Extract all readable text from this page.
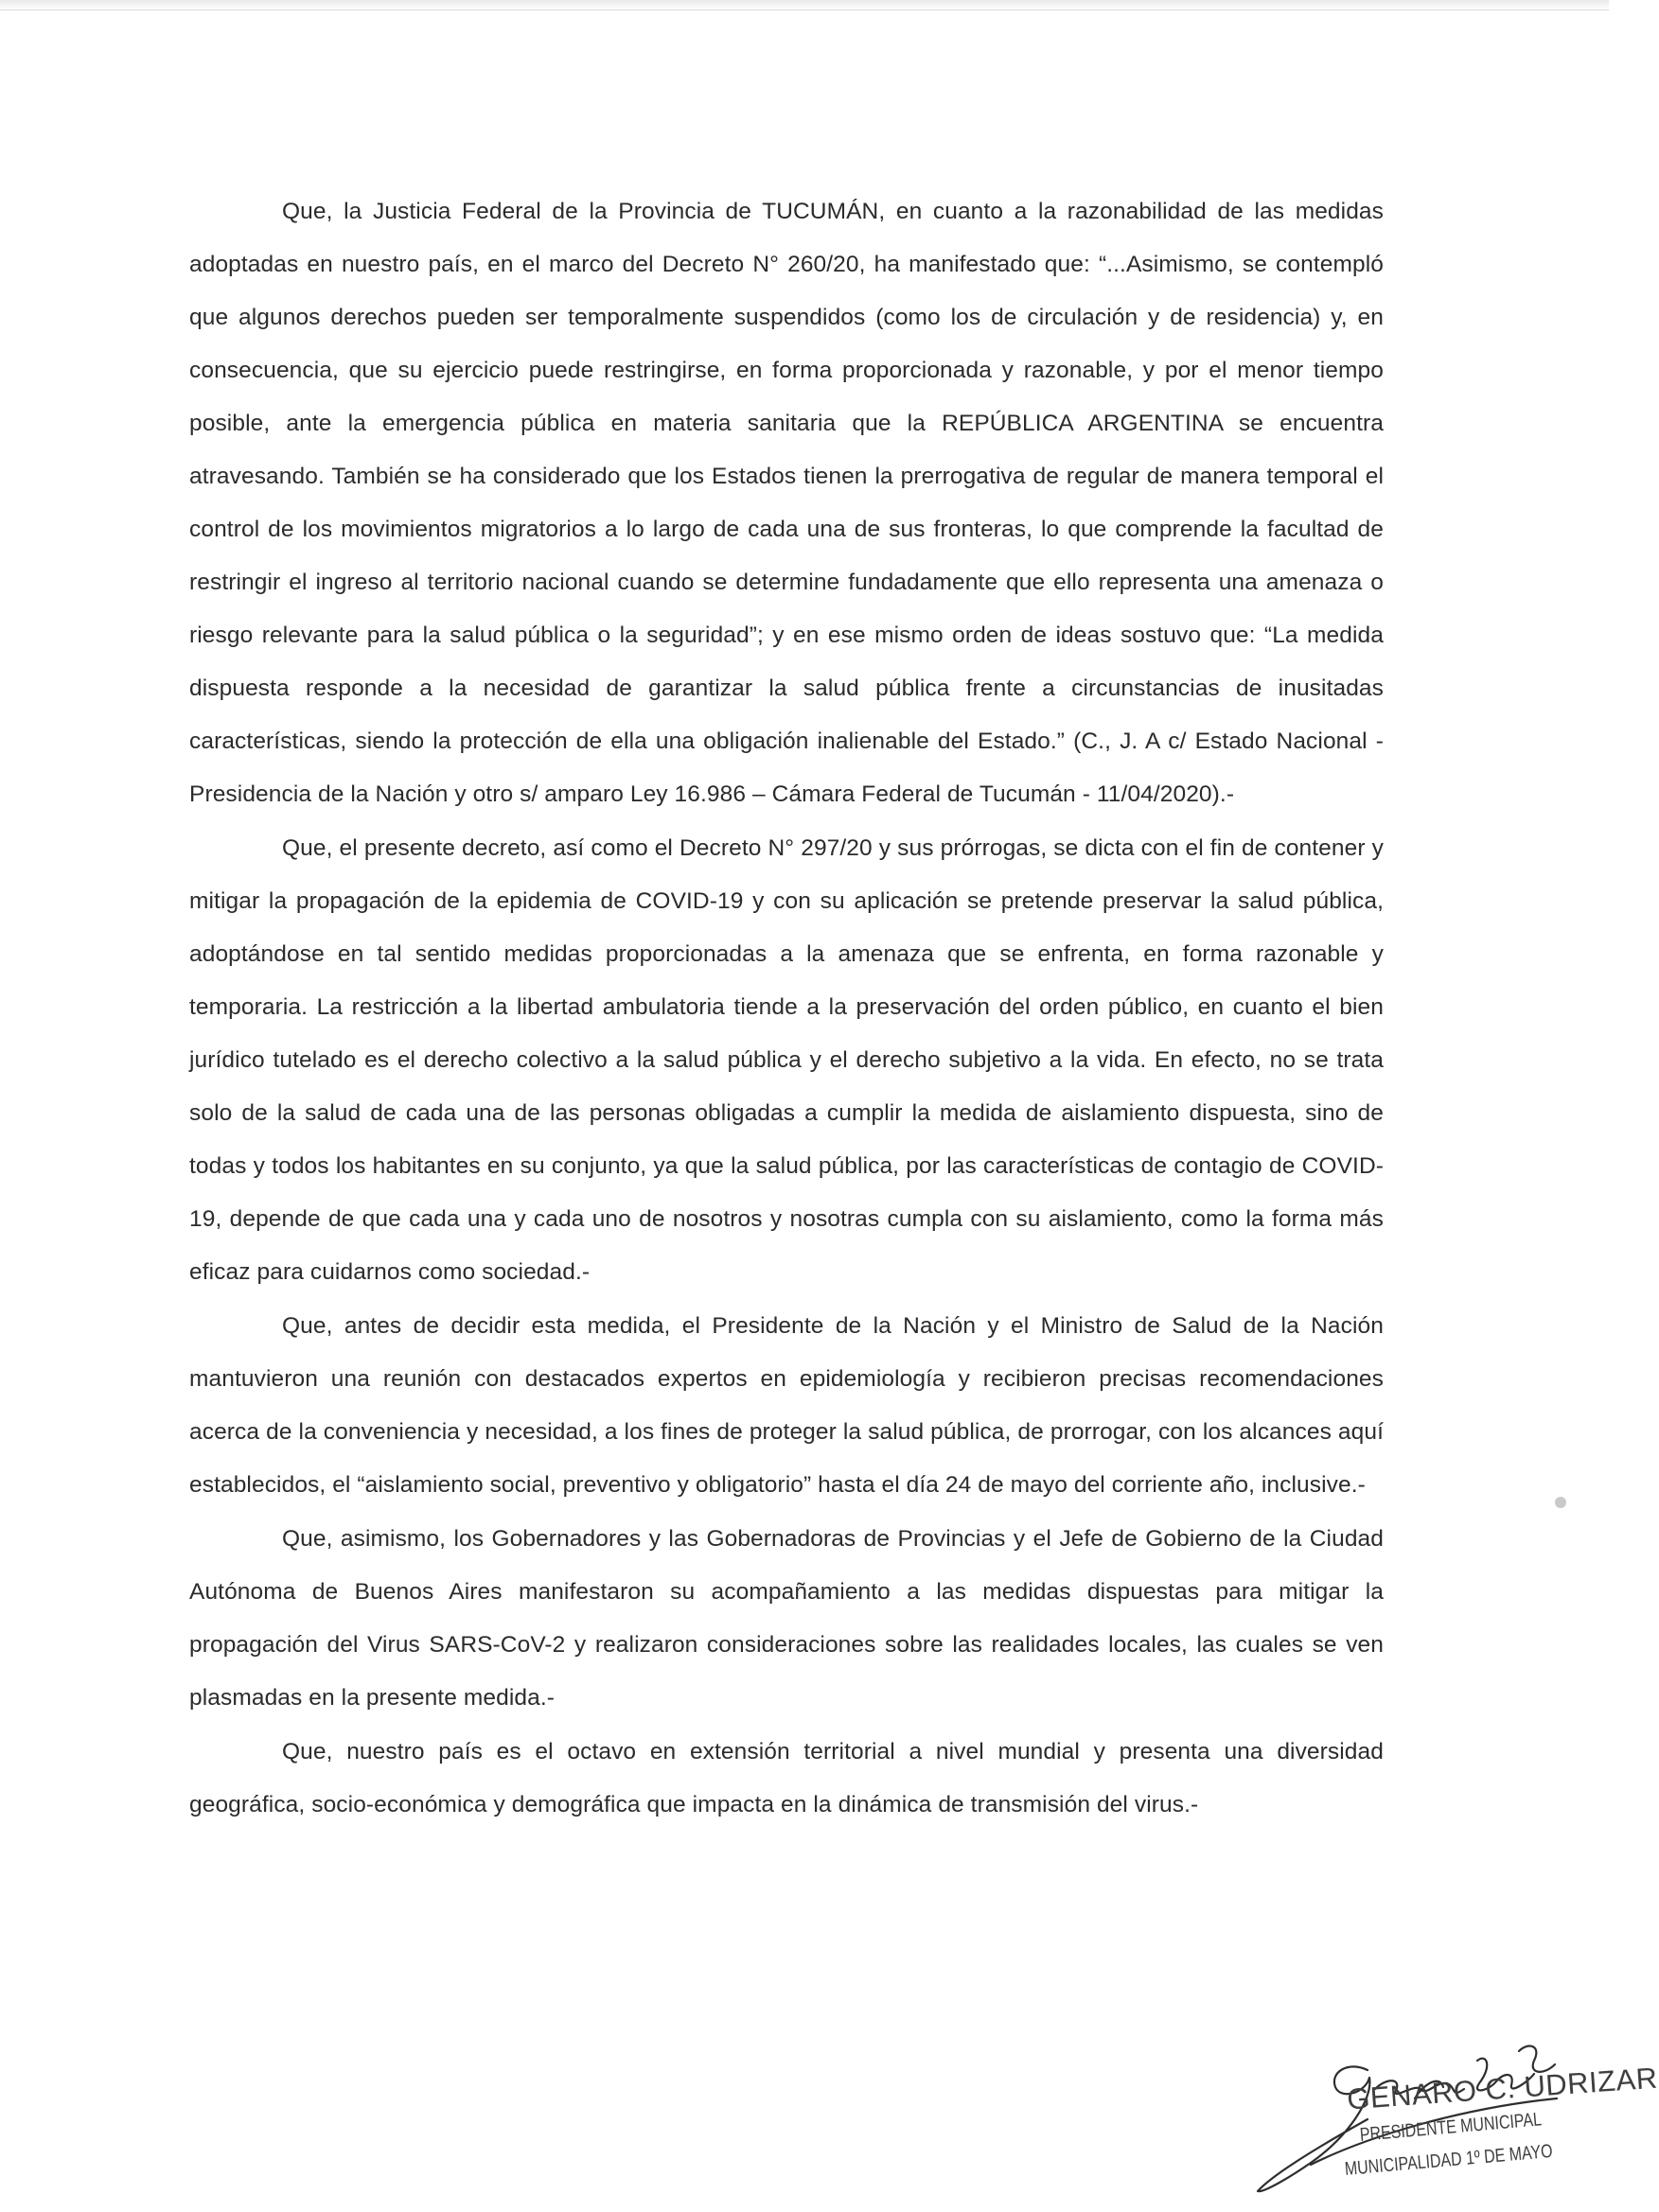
Que, la Justicia Federal de la Provincia de TUCUMÁN, en cuanto a la razonabilidad de las medidas adoptadas en nuestro país, en el marco del Decreto N° 260/20, ha manifestado que: “...Asimismo, se contempló que algunos derechos pueden ser temporalmente suspendidos (como los de circulación y de residencia) y, en consecuencia, que su ejercicio puede restringirse, en forma proporcionada y razonable, y por el menor tiempo posible, ante la emergencia pública en materia sanitaria que la REPÚBLICA ARGENTINA se encuentra atravesando. También se ha considerado que los Estados tienen la prerrogativa de regular de manera temporal el control de los movimientos migratorios a lo largo de cada una de sus fronteras, lo que comprende la facultad de restringir el ingreso al territorio nacional cuando se determine fundadamente que ello representa una amenaza o riesgo relevante para la salud pública o la seguridad”; y en ese mismo orden de ideas sostuvo que: “La medida dispuesta responde a la necesidad de garantizar la salud pública frente a circunstancias de inusitadas características, siendo la protección de ella una obligación inalienable del Estado.” (C., J. A c/ Estado Nacional - Presidencia de la Nación y otro s/ amparo Ley 16.986 – Cámara Federal de Tucumán - 11/04/2020).-

Que, el presente decreto, así como el Decreto N° 297/20 y sus prórrogas, se dicta con el fin de contener y mitigar la propagación de la epidemia de COVID-19 y con su aplicación se pretende preservar la salud pública, adoptándose en tal sentido medidas proporcionadas a la amenaza que se enfrenta, en forma razonable y temporaria. La restricción a la libertad ambulatoria tiende a la preservación del orden público, en cuanto el bien jurídico tutelado es el derecho colectivo a la salud pública y el derecho subjetivo a la vida. En efecto, no se trata solo de la salud de cada una de las personas obligadas a cumplir la medida de aislamiento dispuesta, sino de todas y todos los habitantes en su conjunto, ya que la salud pública, por las características de contagio de COVID-19, depende de que cada una y cada uno de nosotros y nosotras cumpla con su aislamiento, como la forma más eficaz para cuidarnos como sociedad.-

Que, antes de decidir esta medida, el Presidente de la Nación y el Ministro de Salud de la Nación mantuvieron una reunión con destacados expertos en epidemiología y recibieron precisas recomendaciones acerca de la conveniencia y necesidad, a los fines de proteger la salud pública, de prorrogar, con los alcances aquí establecidos, el “aislamiento social, preventivo y obligatorio” hasta el día 24 de mayo del corriente año, inclusive.-

Que, asimismo, los Gobernadores y las Gobernadoras de Provincias y el Jefe de Gobierno de la Ciudad Autónoma de Buenos Aires manifestaron su acompañamiento a las medidas dispuestas para mitigar la propagación del Virus SARS-CoV-2 y realizaron consideraciones sobre las realidades locales, las cuales se ven plasmadas en la presente medida.-

Que, nuestro país es el octavo en extensión territorial a nivel mundial y presenta una diversidad geográfica, socio-económica y demográfica que impacta en la dinámica de transmisión del virus.-

GENARO C. UDRIZAR
PRESIDENTE MUNICIPAL
MUNICIPALIDAD 1º DE MAYO
